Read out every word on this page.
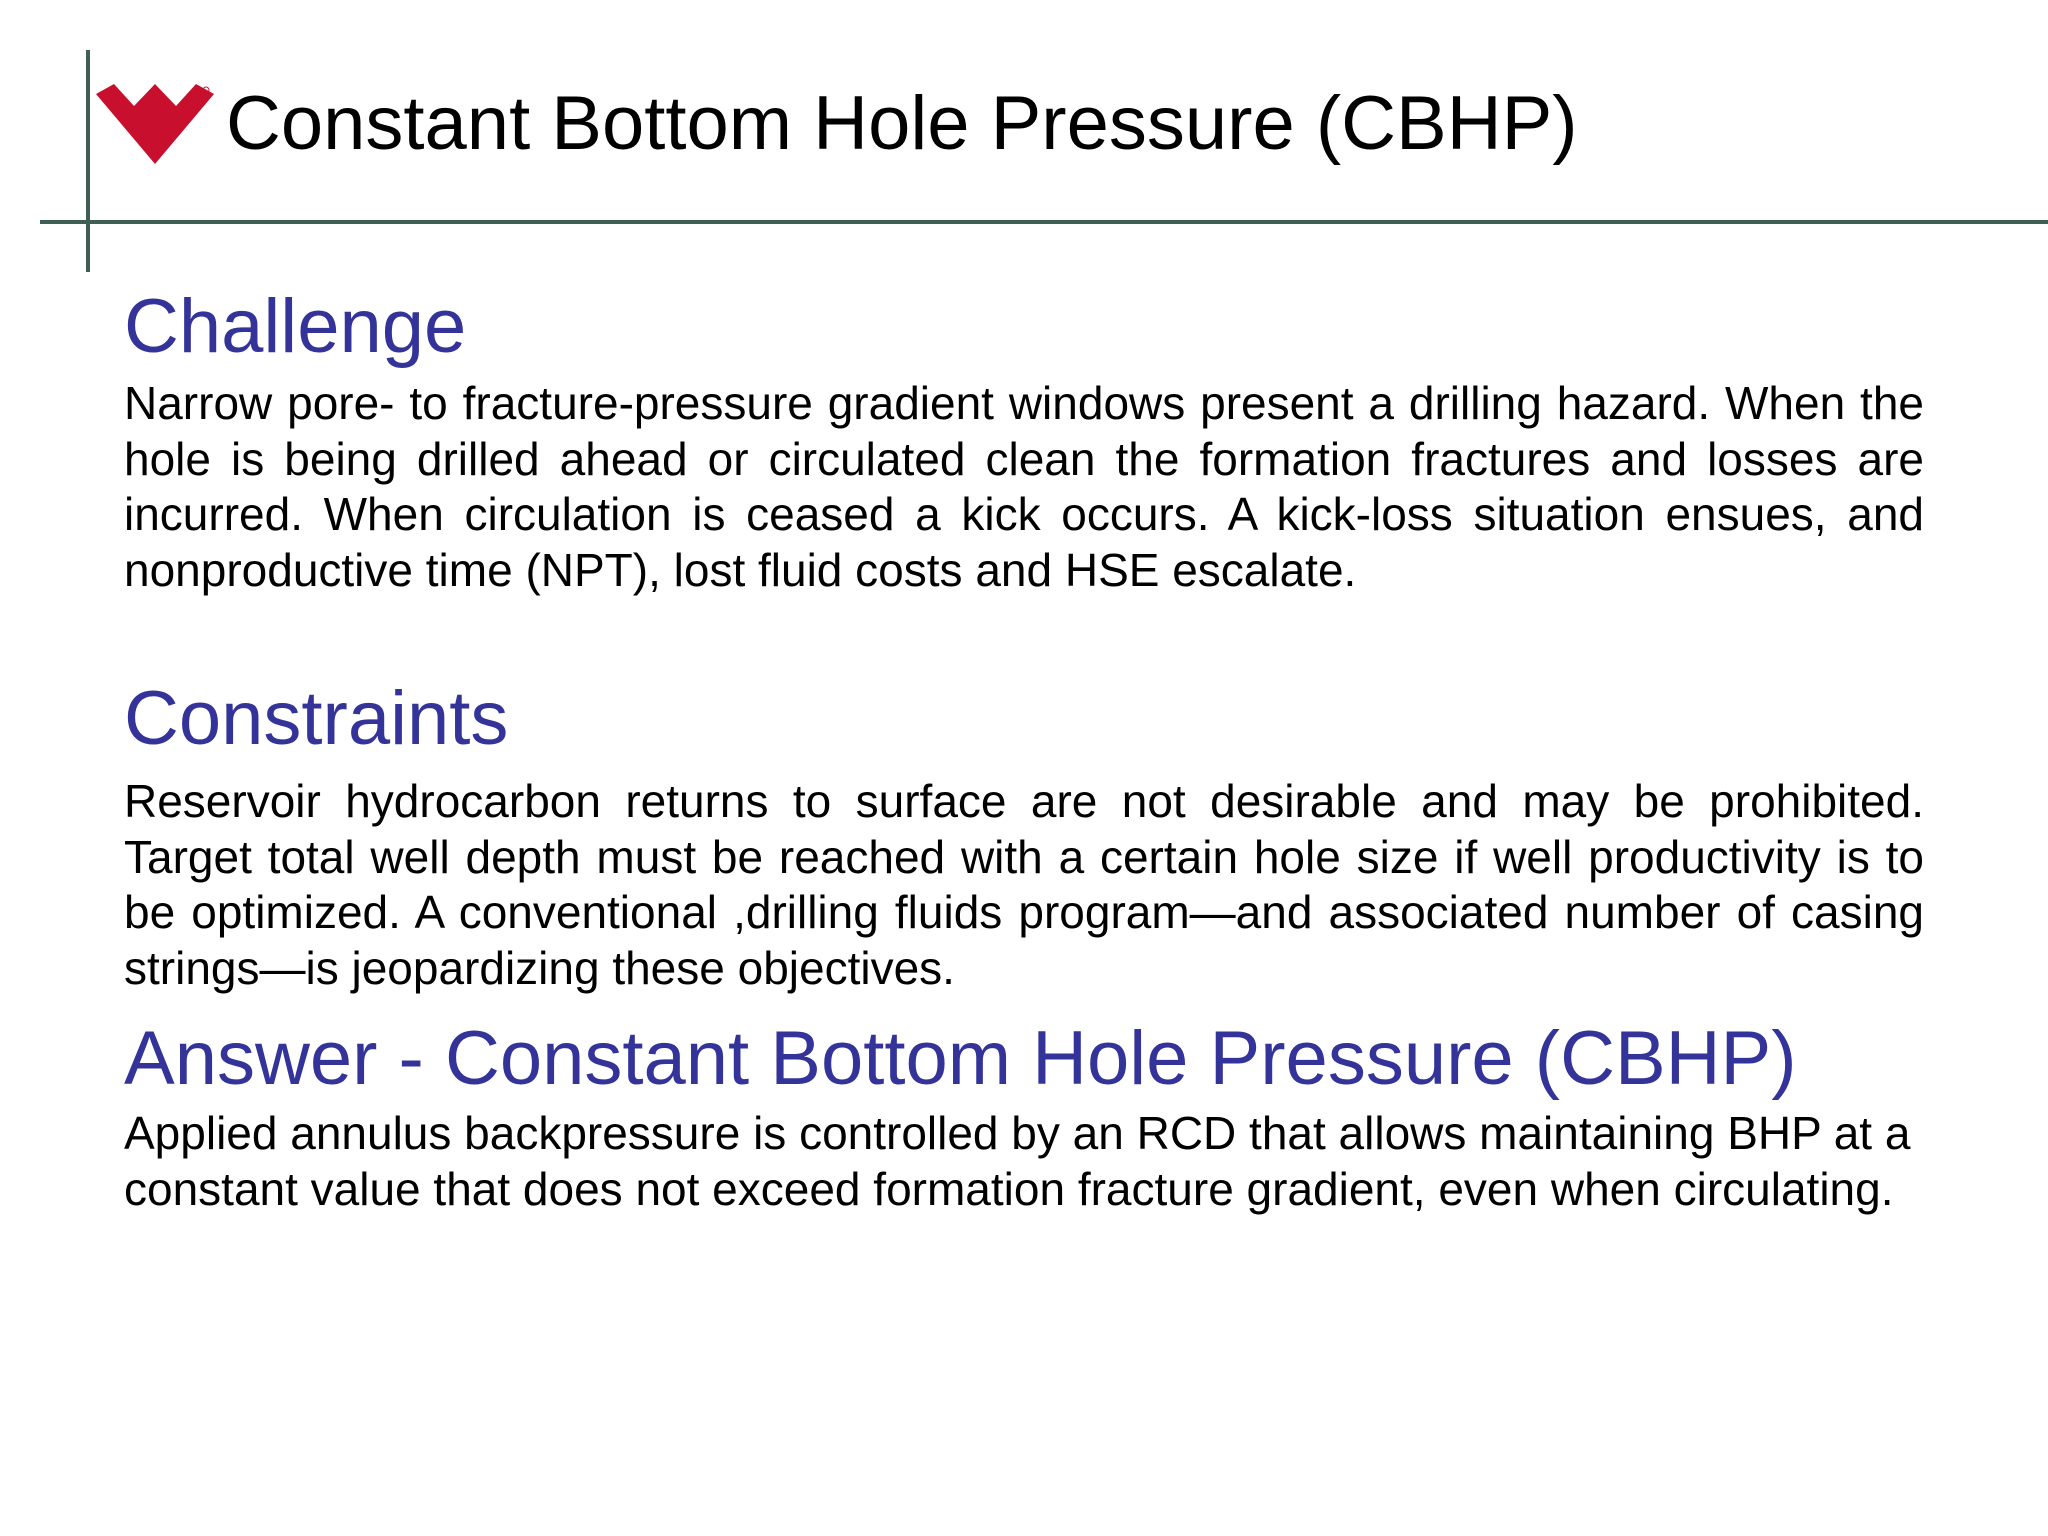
Constant Bottom Hole Pressure (CBHP)
Challenge

Narrow pore- to fracture-pressure gradient windows present a drilling hazard. When the hole is being drilled ahead or circulated clean the formation fractures and losses are incurred. When circulation is ceased a kick occurs. A kick-loss situation ensues, and nonproductive time (NPT), lost fluid costs and HSE escalate.

Constraints

Reservoir hydrocarbon returns to surface are not desirable and may be prohibited. Target total well depth must be reached with a certain hole size if well productivity is to be optimized. A conventional ,drilling fluids program—and associated number of casing strings—is jeopardizing these objectives.

Answer - Constant Bottom Hole Pressure (CBHP)

Applied annulus backpressure is controlled by an RCD that allows maintaining BHP at a constant value that does not exceed formation fracture gradient, even when circulating.
